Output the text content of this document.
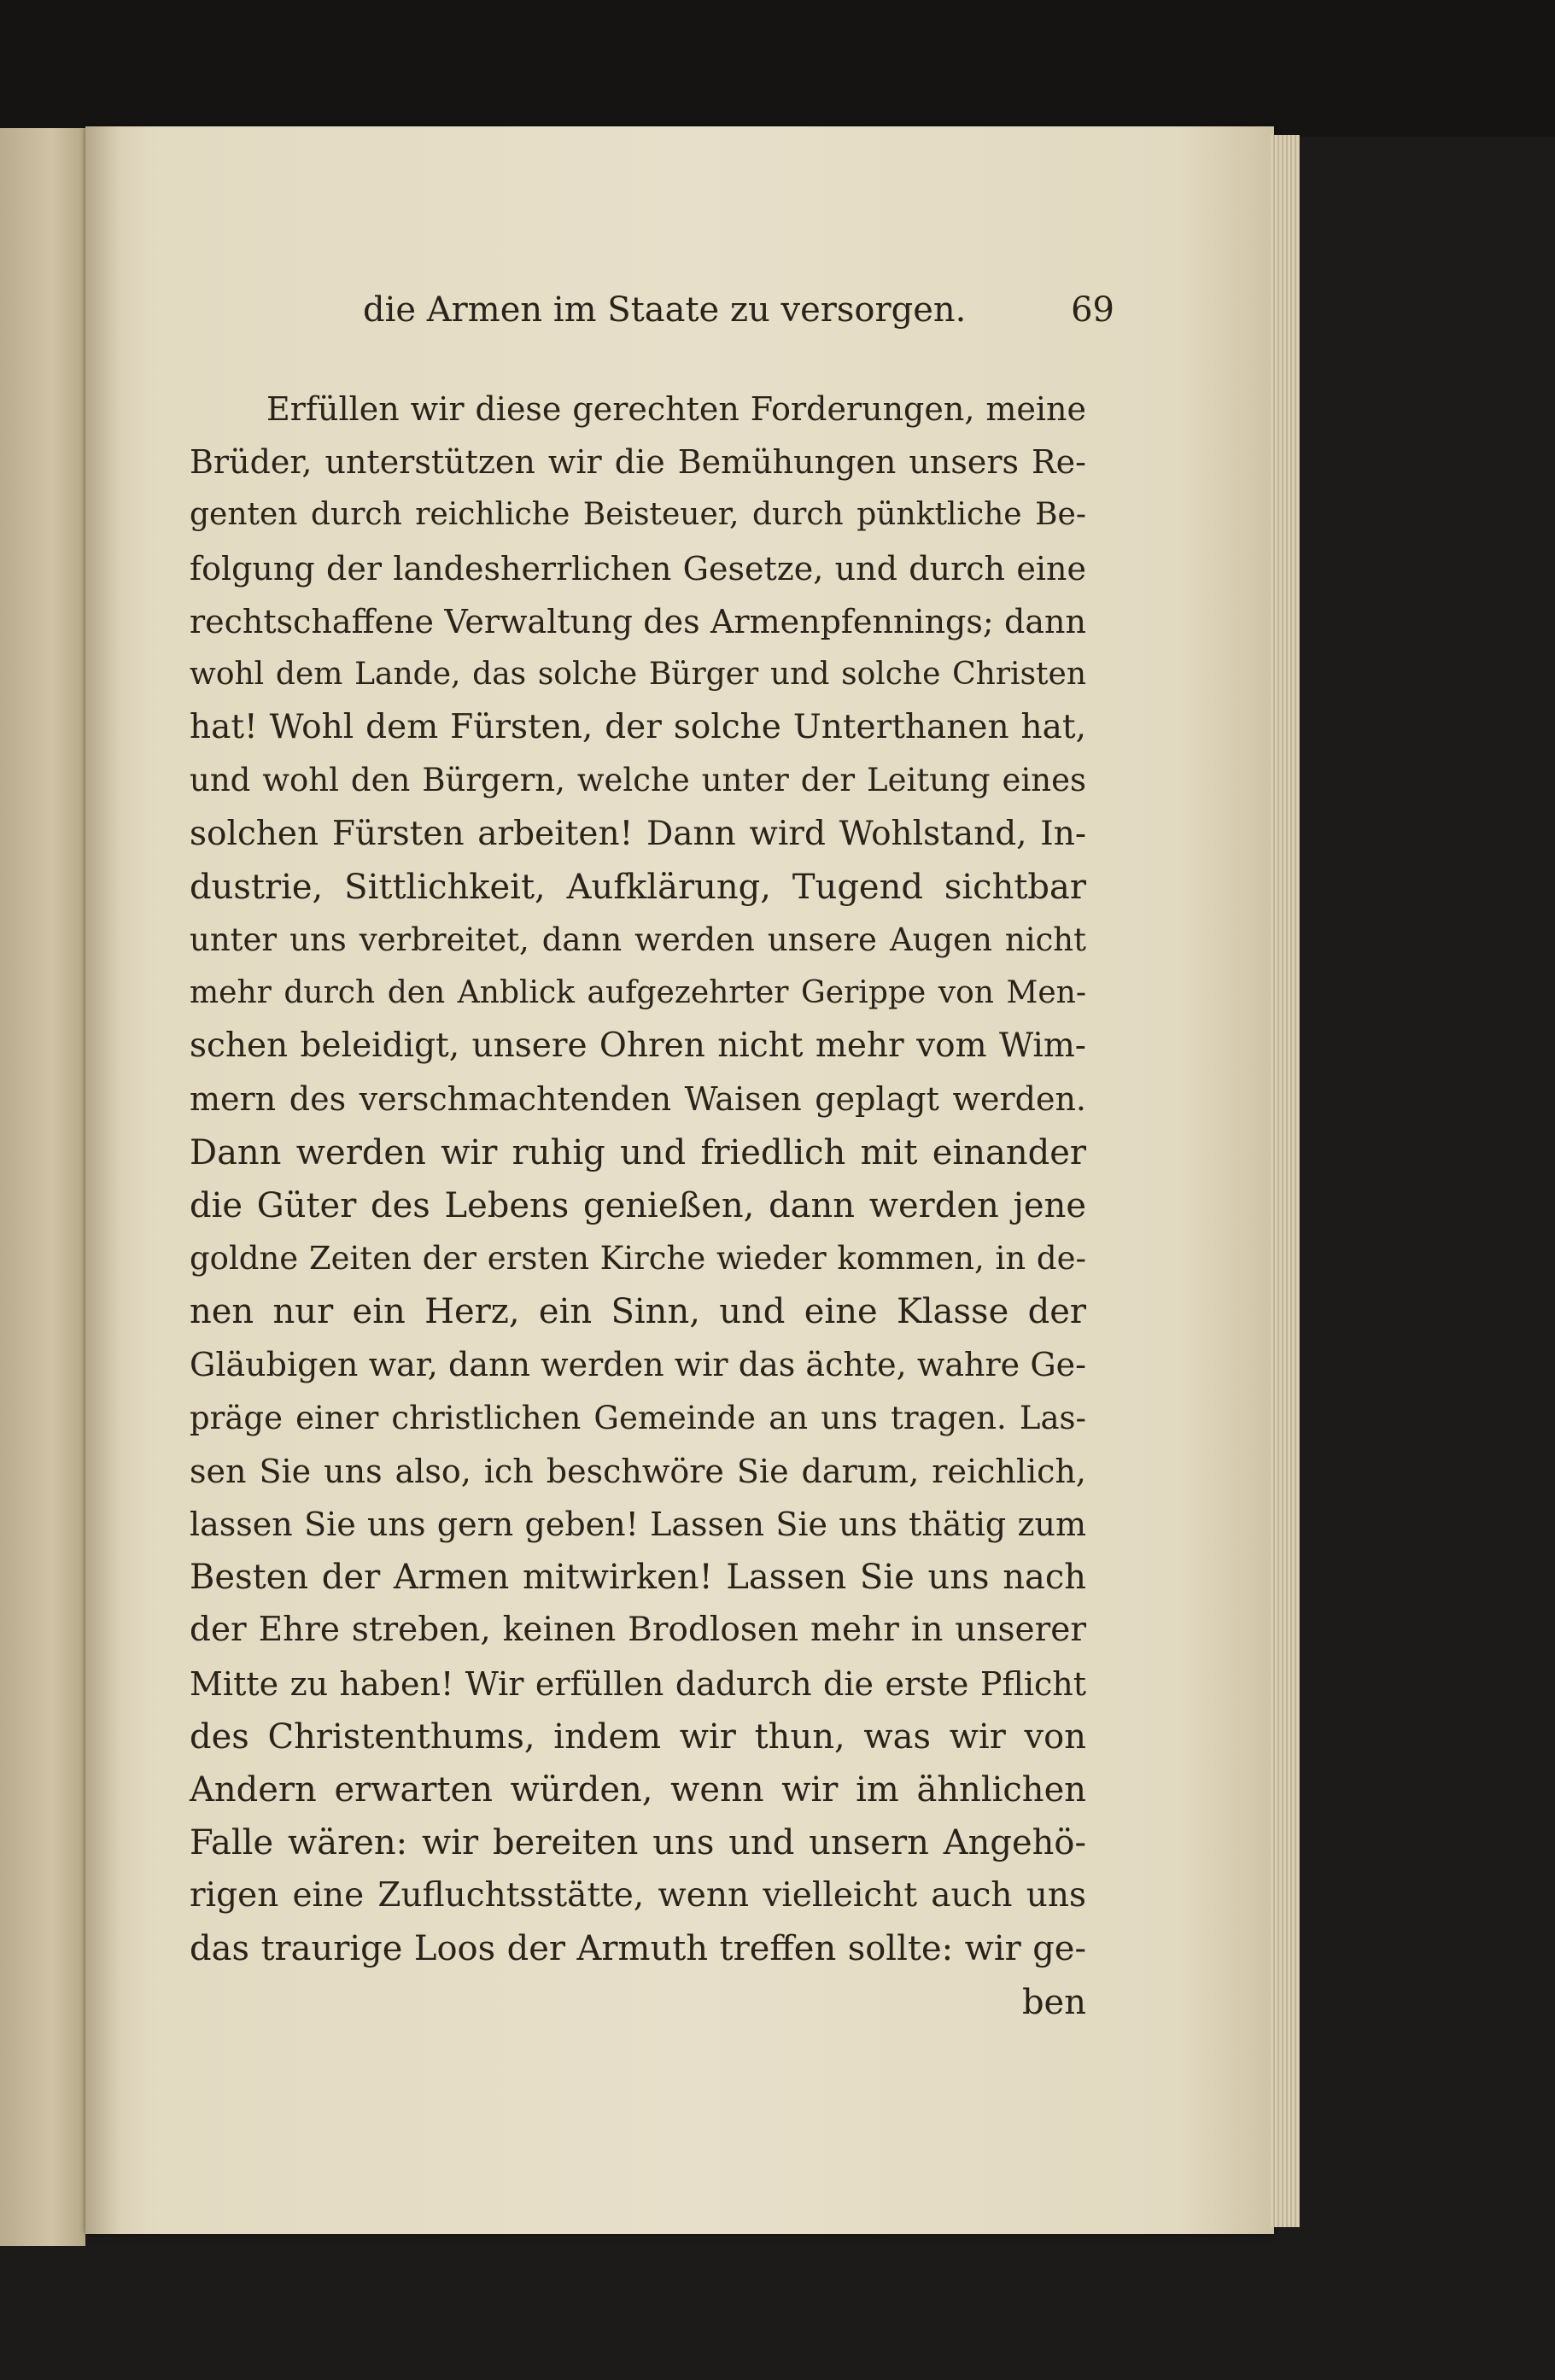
die Armen im Staate zu versorgen.	69
Erfüllen wir diese gerechten Forderungen, meine
Brüder, unterstützen wir die Bemühungen unsers Re-
genten durch reichliche Beisteuer, durch pünktliche Be-
folgung der landesherrlichen Gesetze, und durch eine
rechtschaffene Verwaltung des Armenpfennings; dann
wohl dem Lande, das solche Bürger und solche Christen
hat! Wohl dem Fürsten, der solche Unterthanen hat,
und wohl den Bürgern, welche unter der Leitung eines
solchen Fürsten arbeiten! Dann wird Wohlstand, In-
dustrie, Sittlichkeit, Aufklärung, Tugend sichtbar
unter uns verbreitet, dann werden unsere Augen nicht
mehr durch den Anblick aufgezehrter Gerippe von Men-
schen beleidigt, unsere Ohren nicht mehr vom Wim-
mern des verschmachtenden Waisen geplagt werden.
Dann werden wir ruhig und friedlich mit einander
die Güter des Lebens genießen, dann werden jene
goldne Zeiten der ersten Kirche wieder kommen, in de-
nen nur ein Herz, ein Sinn, und eine Klasse der
Gläubigen war, dann werden wir das ächte, wahre Ge-
präge einer christlichen Gemeinde an uns tragen. Las-
sen Sie uns also, ich beschwöre Sie darum, reichlich,
lassen Sie uns gern geben! Lassen Sie uns thätig zum
Besten der Armen mitwirken! Lassen Sie uns nach
der Ehre streben, keinen Brodlosen mehr in unserer
Mitte zu haben! Wir erfüllen dadurch die erste Pflicht
des Christenthums, indem wir thun, was wir von
Andern erwarten würden, wenn wir im ähnlichen
Falle wären: wir bereiten uns und unsern Angehö-
rigen eine Zufluchtsstätte, wenn vielleicht auch uns
das traurige Loos der Armuth treffen sollte: wir ge-
ben
